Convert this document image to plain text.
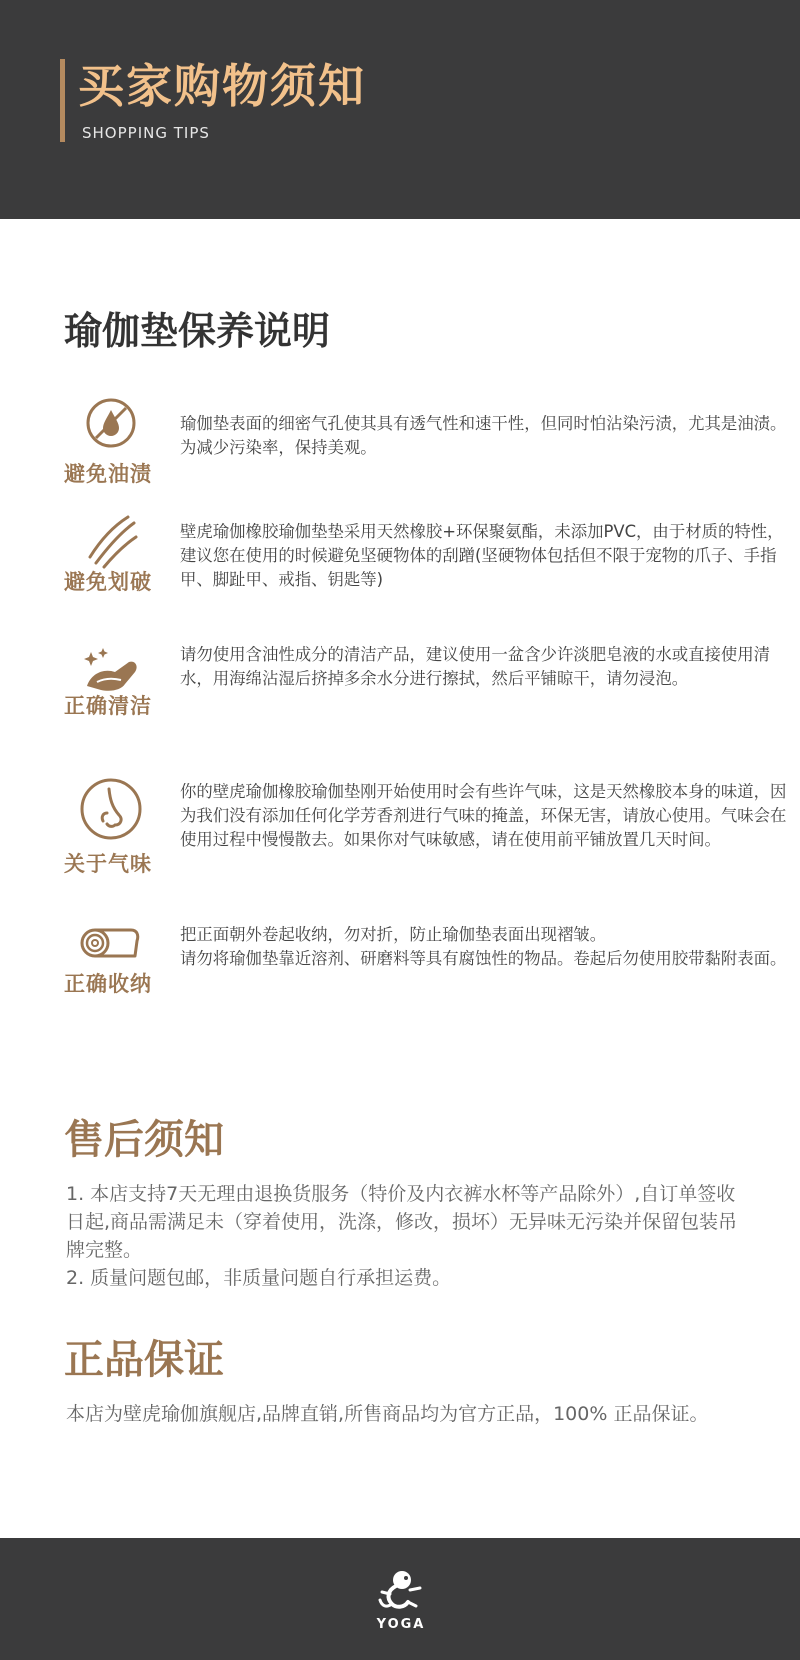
买家购物须知
SHOPPING TIPS
瑜伽垫保养说明
避免油渍
瑜伽垫表面的细密气孔使其具有透气性和速干性，但同时怕沾染污渍，尤其是油渍。为减少污染率，保持美观。
避免划破
壁虎瑜伽橡胶瑜伽垫垫采用天然橡胶+环保聚氨酯，未添加PVC，由于材质的特性，建议您在使用的时候避免坚硬物体的刮蹭(坚硬物体包括但不限于宠物的爪子、手指甲、脚趾甲、戒指、钥匙等)
正确清洁
请勿使用含油性成分的清洁产品，建议使用一盆含少许淡肥皂液的水或直接使用清水，用海绵沾湿后挤掉多余水分进行擦拭，然后平铺晾干，请勿浸泡。
关于气味
你的壁虎瑜伽橡胶瑜伽垫刚开始使用时会有些许气味，这是天然橡胶本身的味道，因为我们没有添加任何化学芳香剂进行气味的掩盖，环保无害，请放心使用。气味会在使用过程中慢慢散去。如果你对气味敏感，请在使用前平铺放置几天时间。
正确收纳
把正面朝外卷起收纳，勿对折，防止瑜伽垫表面出现褶皱。
请勿将瑜伽垫靠近溶剂、研磨料等具有腐蚀性的物品。卷起后勿使用胶带黏附表面。
售后须知

1. 本店支持7天无理由退换货服务（特价及内衣裤水杯等产品除外）,自订单签收日起,商品需满足未（穿着使用，洗涤，修改，损坏）无异味无污染并保留包装吊牌完整。

2. 质量问题包邮，非质量问题自行承担运费。

正品保证
本店为壁虎瑜伽旗舰店,品牌直销,所售商品均为官方正品，100% 正品保证。
YOGA
